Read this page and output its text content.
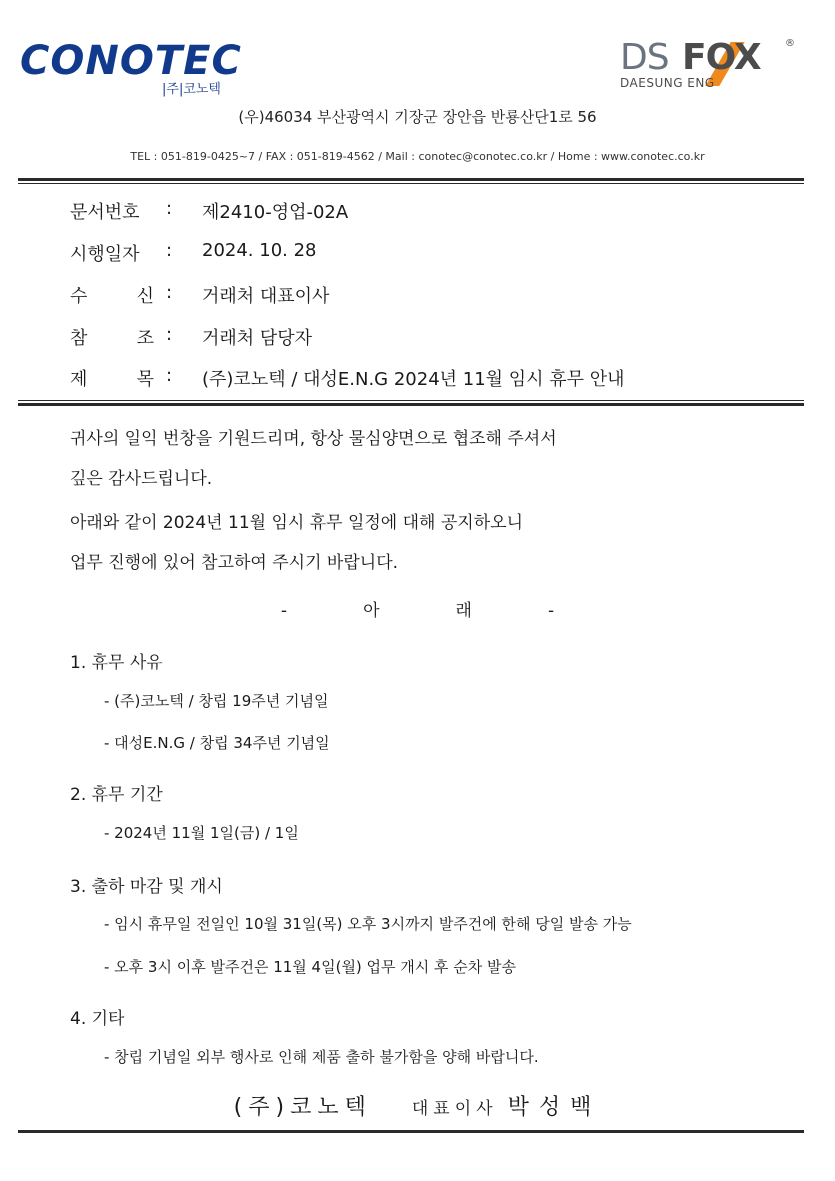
CONOTEC
|주|코노텍
DS FOX ®
DAESUNG ENG
(우)46034 부산광역시 기장군 장안읍 반룡산단1로 56
TEL : 051-819-0425~7 / FAX : 051-819-4562 / Mail : conotec@conotec.co.kr / Home : www.conotec.co.kr
문서번호	: 제2410-영업-02A
시행일자	: 2024. 10. 28
수	신 : 거래처 대표이사
참	조 : 거래처 담당자
제	목 : (주)코노텍 / 대성E.N.G 2024년 11월 임시 휴무 안내
귀사의 일익 번창을 기원드리며, 항상 물심양면으로 협조해 주셔서
깊은 감사드립니다.
아래와 같이 2024년 11월 임시 휴무 일정에 대해 공지하오니
업무 진행에 있어 참고하여 주시기 바랍니다.
-	아	래	-
1. 휴무 사유
- (주)코노텍 / 창립 19주년 기념일
- 대성E.N.G / 창립 34주년 기념일
2. 휴무 기간
- 2024년 11월 1일(금) / 1일
3. 출하 마감 및 개시
- 임시 휴무일 전일인 10월 31일(목) 오후 3시까지 발주건에 한해 당일 발송 가능
- 오후 3시 이후 발주건은 11월 4일(월) 업무 개시 후 순차 발송
4. 기타
- 창립 기념일 외부 행사로 인해 제품 출하 불가함을 양해 바랍니다.
(주)코노텍 대표이사 박성백
